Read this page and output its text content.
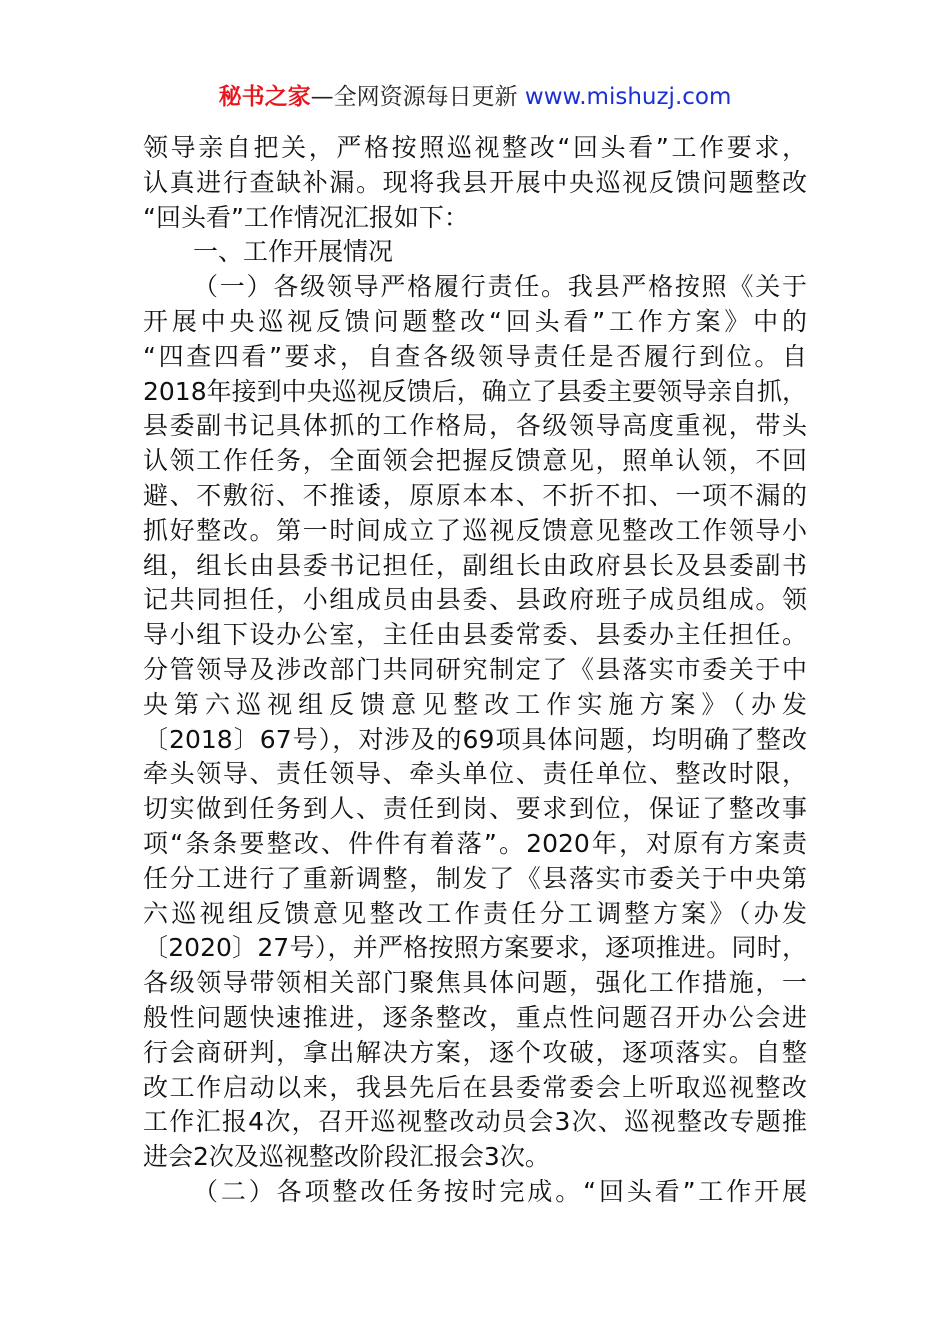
秘书之家—全网资源每日更新 www.mishuzj.com
领导亲自把关，严格按照巡视整改“回头看”工作要求，
认真进行查缺补漏。现将我县开展中央巡视反馈问题整改
“回头看”工作情况汇报如下：
一、工作开展情况
（一）各级领导严格履行责任。我县严格按照《关于
开展中央巡视反馈问题整改“回头看”工作方案》中的
“四查四看”要求，自查各级领导责任是否履行到位。自
2018年接到中央巡视反馈后，确立了县委主要领导亲自抓，
县委副书记具体抓的工作格局，各级领导高度重视，带头
认领工作任务，全面领会把握反馈意见，照单认领，不回
避、不敷衍、不推诿，原原本本、不折不扣、一项不漏的
抓好整改。第一时间成立了巡视反馈意见整改工作领导小
组，组长由县委书记担任，副组长由政府县长及县委副书
记共同担任，小组成员由县委、县政府班子成员组成。领
导小组下设办公室，主任由县委常委、县委办主任担任。
分管领导及涉改部门共同研究制定了《县落实市委关于中
央第六巡视组反馈意见整改工作实施方案》（办发
〔2018〕67号），对涉及的69项具体问题，均明确了整改
牵头领导、责任领导、牵头单位、责任单位、整改时限，
切实做到任务到人、责任到岗、要求到位，保证了整改事
项“条条要整改、件件有着落”。2020年，对原有方案责
任分工进行了重新调整，制发了《县落实市委关于中央第
六巡视组反馈意见整改工作责任分工调整方案》（办发
〔2020〕27号），并严格按照方案要求，逐项推进。同时，
各级领导带领相关部门聚焦具体问题，强化工作措施，一
般性问题快速推进，逐条整改，重点性问题召开办公会进
行会商研判，拿出解决方案，逐个攻破，逐项落实。自整
改工作启动以来，我县先后在县委常委会上听取巡视整改
工作汇报4次，召开巡视整改动员会3次、巡视整改专题推
进会2次及巡视整改阶段汇报会3次。
（二）各项整改任务按时完成。“回头看”工作开展
